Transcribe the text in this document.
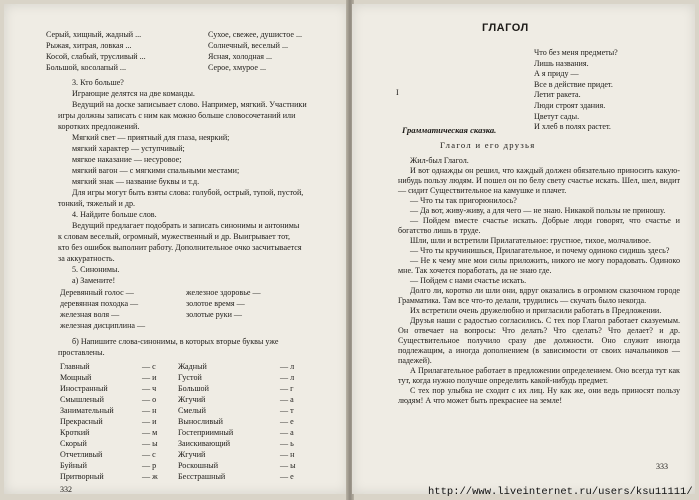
Серый, хищный, жадный ...	Сухое, свежее, душистое ...
Рыжая, хитрая, ловкая ...	Солнечный, веселый ...
Косой, слабый, трусливый ...	Ясная, холодная ...
Большой, косолапый ...	Серое, хмурое ...
3. Кто больше?
Играющие делятся на две команды.
Ведущий на доске записывает слово. Например, мягкий. Участники
игры должны записать с ним как можно больше словосочетаний или
коротких предложений.
Мягкий свет — приятный для глаза, неяркий;
мягкий характер — уступчивый;
мягкое наказание — несуровое;
мягкий вагон — с мягкими спальными местами;
мягкий знак — название буквы и т.д.
Для игры могут быть взяты слова: голубой, острый, тупой, пустой,
тонкий, тяжелый и др.
4. Найдите больше слов.
Ведущий предлагает подобрать и записать синонимы и антонимы
к словам веселый, огромный, мужественный и др. Выигрывает тот,
кто без ошибок выполнит работу. Дополнительное очко засчитывается
за аккуратность.
5. Синонимы.
а) Замените!
Деревянный голос —	железное здоровье —
деревянная походка —	золотое время —
железная воля —	золотые руки —
железная дисциплина —
б) Напишите слова-синонимы, в которых вторые буквы уже
проставлены.
Главный	— с	Жадный	— л
Мощный	— и	Густой	— л
Иностранный	— ч	Большой	— г
Смышленый	— о	Жгучий	— а
Занимательный	— н	Смелый	— т
Прекрасный	— и	Выносливый	— е
Кроткий	— м	Гостеприимный	— а
Скорый	— ы	Заискивающий	— ь
Отчетливый	— с	Жгучий	— н
Буйный	— р	Роскошный	— ы
Притворный	— ж	Бесстрашный	— е
332
ГЛАГОЛ
Что без меня предметы?
Лишь названия.
А я приду —
Все в действие придет.
Летит ракета.
Люди строят здания.
Цветут сады.
И хлеб в полях растет.
I
Грамматическая сказка.
Глагол и его друзья

Жил-был Глагол.

И вот однажды он решил, что каждый должен обязательно приносить какую-нибудь пользу людям. И пошел он по белу свету счастье искать. Шел, шел, видит — сидит Существительное на камушке и плачет.

— Что ты так пригорюнилось?

— Да вот, живу-живу, а для чего — не знаю. Никакой пользы не приношу.

— Пойдем вместе счастье искать. Добрые люди говорят, что счастье и богатство лишь в труде.

Шли, шли и встретили Прилагательное: грустное, тихое, молчаливое.

— Что ты кручинишься, Прилагательное, и почему одиноко сидишь здесь?

— Не к чему мне мои силы приложить, никого не могу порадовать. Одиноко мне. Так хочется поработать, да не знаю где.

— Пойдем с нами счастье искать.

Долго ли, коротко ли шли они, вдруг оказались в огромном сказочном городе Грамматика. Там все что-то делали, трудились — скучать было некогда.

Их встретили очень дружелюбно и пригласили работать в Предложении.

Друзья наши с радостью согласились. С тех пор Глагол работает сказуемым. Он отвечает на вопросы: Что делать? Что сделать? Что делает? и др. Существительное получило сразу две должности. Оно служит иногда подлежащим, а иногда дополнением (в зависимости от своих начальников — падежей).

А Прилагательное работает в предложении определением. Оно всегда тут как тут, когда нужно получше определить какой-нибудь предмет.

С тех пор улыбка не сходит с их лиц. Ну как же, они ведь приносят пользу людям! А что может быть прекраснее на земле!

333
http://www.liveinternet.ru/users/ksu11111/
